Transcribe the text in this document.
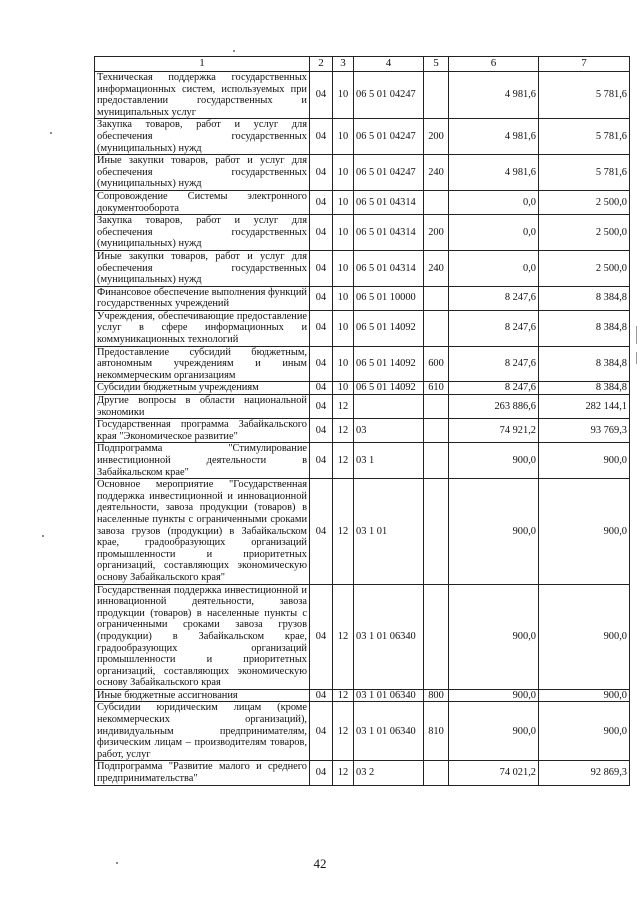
1	2	3	4	5	6	7
Техническая поддержка государственных информационных систем, используемых при предоставлении государственных и муниципальных услуг	04	10	06 5 01 04247		4 981,6	5 781,6
Закупка товаров, работ и услуг для обеспечения государственных (муниципальных) нужд	04	10	06 5 01 04247	200	4 981,6	5 781,6
Иные закупки товаров, работ и услуг для обеспечения государственных (муниципальных) нужд	04	10	06 5 01 04247	240	4 981,6	5 781,6
Сопровождение Системы электронного документооборота	04	10	06 5 01 04314		0,0	2 500,0
Закупка товаров, работ и услуг для обеспечения государственных (муниципальных) нужд	04	10	06 5 01 04314	200	0,0	2 500,0
Иные закупки товаров, работ и услуг для обеспечения государственных (муниципальных) нужд	04	10	06 5 01 04314	240	0,0	2 500,0
Финансовое обеспечение выполнения функций государственных учреждений	04	10	06 5 01 10000		8 247,6	8 384,8
Учреждения, обеспечивающие предоставление услуг в сфере информационных и коммуникационных технологий	04	10	06 5 01 14092		8 247,6	8 384,8
Предоставление субсидий бюджетным, автономным учреждениям и иным некоммерческим организациям	04	10	06 5 01 14092	600	8 247,6	8 384,8
Субсидии бюджетным учреждениям	04	10	06 5 01 14092	610	8 247,6	8 384,8
Другие вопросы в области национальной экономики	04	12			263 886,6	282 144,1
Государственная программа Забайкальского края "Экономическое развитие"	04	12	03		74 921,2	93 769,3
Подпрограмма "Стимулирование инвестиционной деятельности в Забайкальском крае"	04	12	03 1		900,0	900,0
Основное мероприятие "Государственная поддержка инвестиционной и инновационной деятельности, завоза продукции (товаров) в населенные пункты с ограниченными сроками завоза грузов (продукции) в Забайкальском крае, градообразующих организаций промышленности и приоритетных организаций, составляющих экономическую основу Забайкальского края"	04	12	03 1 01		900,0	900,0
Государственная поддержка инвестиционной и инновационной деятельности, завоза продукции (товаров) в населенные пункты с ограниченными сроками завоза грузов (продукции) в Забайкальском крае, градообразующих организаций промышленности и приоритетных организаций, составляющих экономическую основу Забайкальского края	04	12	03 1 01 06340		900,0	900,0
Иные бюджетные ассигнования	04	12	03 1 01 06340	800	900,0	900,0
Субсидии юридическим лицам (кроме некоммерческих организаций), индивидуальным предпринимателям, физическим лицам – производителям товаров, работ, услуг	04	12	03 1 01 06340	810	900,0	900,0
Подпрограмма "Развитие малого и среднего предпринимательства"	04	12	03 2		74 021,2	92 869,3
42
